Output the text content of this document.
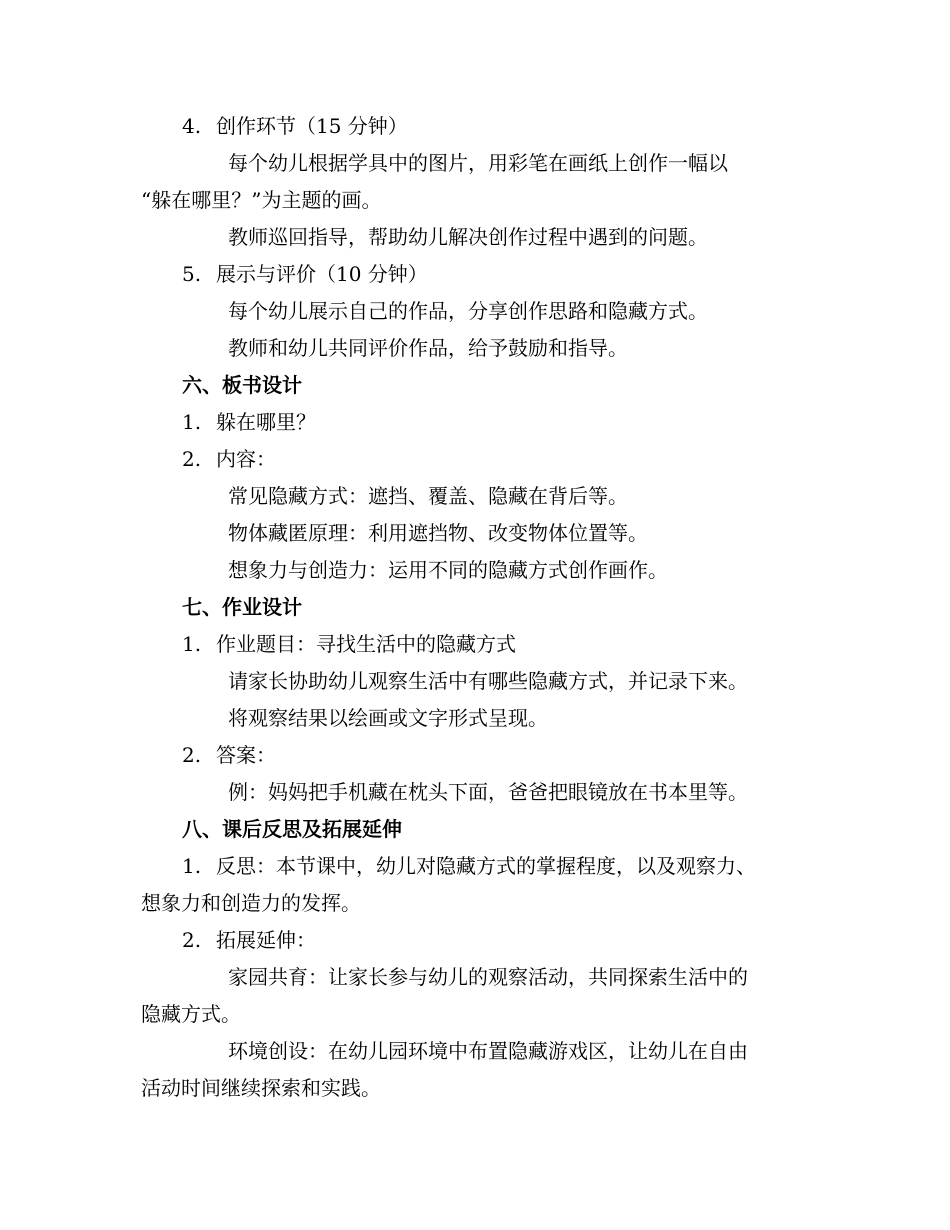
4. 创作环节（15 分钟）
每个幼儿根据学具中的图片，用彩笔在画纸上创作一幅以
“躲在哪里？”为主题的画。
教师巡回指导，帮助幼儿解决创作过程中遇到的问题。
5. 展示与评价（10 分钟）
每个幼儿展示自己的作品，分享创作思路和隐藏方式。
教师和幼儿共同评价作品，给予鼓励和指导。
六、板书设计
1. 躲在哪里？
2. 内容：
常见隐藏方式：遮挡、覆盖、隐藏在背后等。
物体藏匿原理：利用遮挡物、改变物体位置等。
想象力与创造力：运用不同的隐藏方式创作画作。
七、作业设计
1. 作业题目：寻找生活中的隐藏方式
请家长协助幼儿观察生活中有哪些隐藏方式，并记录下来。
将观察结果以绘画或文字形式呈现。
2. 答案：
例：妈妈把手机藏在枕头下面，爸爸把眼镜放在书本里等。
八、课后反思及拓展延伸
1. 反思：本节课中，幼儿对隐藏方式的掌握程度，以及观察力、
想象力和创造力的发挥。
2. 拓展延伸：
家园共育：让家长参与幼儿的观察活动，共同探索生活中的
隐藏方式。
环境创设：在幼儿园环境中布置隐藏游戏区，让幼儿在自由
活动时间继续探索和实践。
